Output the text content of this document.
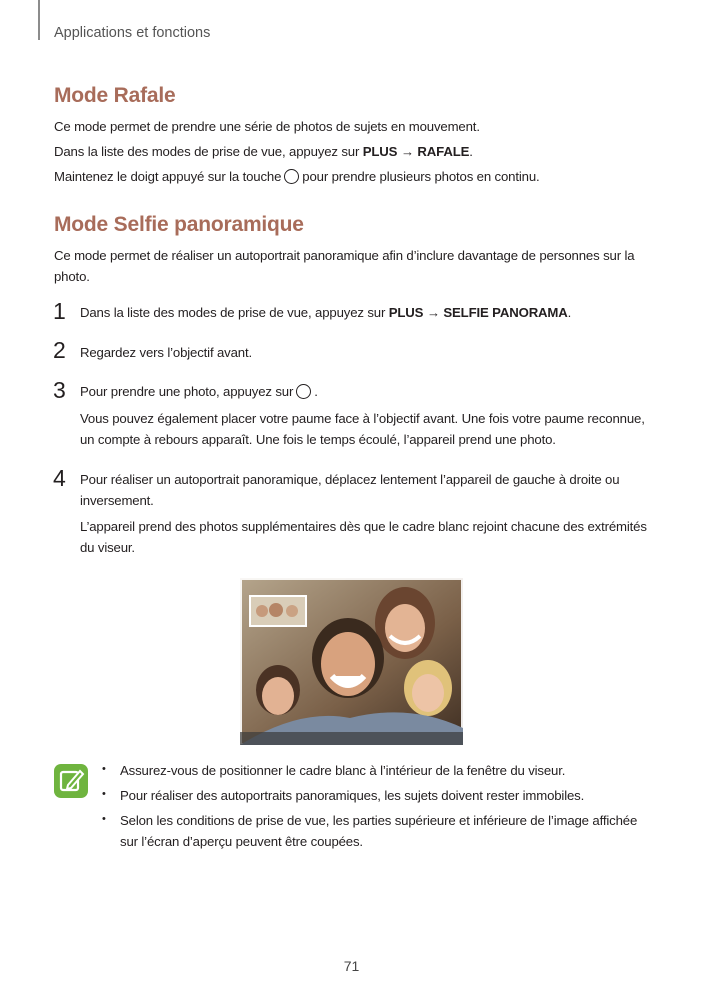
Applications et fonctions
Mode Rafale

Ce mode permet de prendre une série de photos de sujets en mouvement.

Dans la liste des modes de prise de vue, appuyez sur PLUS → RAFALE.

Maintenez le doigt appuyé sur la touche pour prendre plusieurs photos en continu.

Mode Selfie panoramique

Ce mode permet de réaliser un autoportrait panoramique afin d’inclure davantage de personnes sur la photo.

1 Dans la liste des modes de prise de vue, appuyez sur PLUS → SELFIE PANORAMA.
2 Regardez vers l’objectif avant.
3 Pour prendre une photo, appuyez sur .
Vous pouvez également placer votre paume face à l’objectif avant. Une fois votre paume reconnue, un compte à rebours apparaît. Une fois le temps écoulé, l’appareil prend une photo.
4 Pour réaliser un autoportrait panoramique, déplacez lentement l’appareil de gauche à droite ou inversement.
L’appareil prend des photos supplémentaires dès que le cadre blanc rejoint chacune des extrémités du viseur.
• Assurez-vous de positionner le cadre blanc à l’intérieur de la fenêtre du viseur.
• Pour réaliser des autoportraits panoramiques, les sujets doivent rester immobiles.
• Selon les conditions de prise de vue, les parties supérieure et inférieure de l’image affichée sur l’écran d’aperçu peuvent être coupées.
71
